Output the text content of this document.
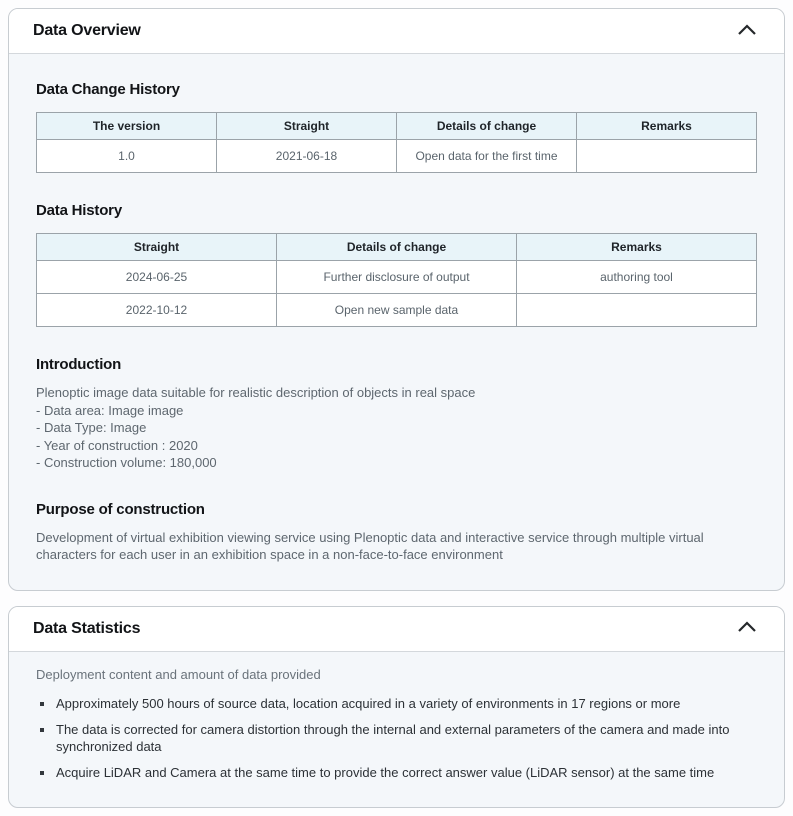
Data Overview
Data Change History
The version	Straight	Details of change	Remarks
1.0	2021-06-18	Open data for the first time	
Data History
Straight	Details of change	Remarks
2024-06-25	Further disclosure of output	authoring tool
2022-10-12	Open new sample data	
Introduction
Plenoptic image data suitable for realistic description of objects in real space
- Data area: Image image
- Data Type: Image
- Year of construction : 2020
- Construction volume: 180,000
Purpose of construction
Development of virtual exhibition viewing service using Plenoptic data and interactive service through multiple virtual characters for each user in an exhibition space in a non-face-to-face environment
Data Statistics
Deployment content and amount of data provided
Approximately 500 hours of source data, location acquired in a variety of environments in 17 regions or more
The data is corrected for camera distortion through the internal and external parameters of the camera and made into synchronized data
Acquire LiDAR and Camera at the same time to provide the correct answer value (LiDAR sensor) at the same time
